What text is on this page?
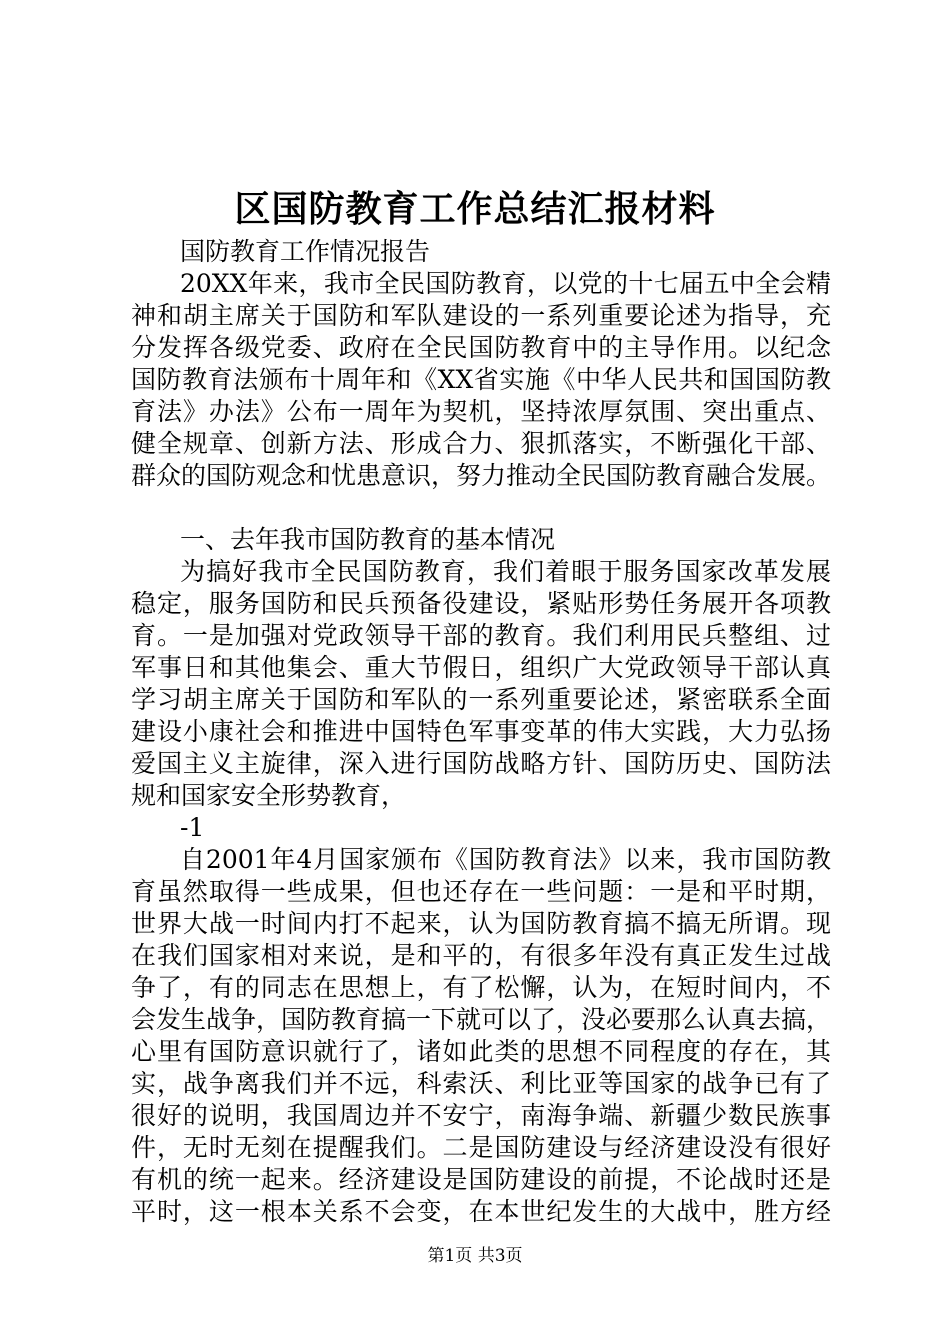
区国防教育工作总结汇报材料
国防教育工作情况报告
20XX年来，我市全民国防教育，以党的十七届五中全会精
神和胡主席关于国防和军队建设的一系列重要论述为指导，充
分发挥各级党委、政府在全民国防教育中的主导作用。以纪念
国防教育法颁布十周年和《XX省实施《中华人民共和国国防教
育法》办法》公布一周年为契机，坚持浓厚氛围、突出重点、
健全规章、创新方法、形成合力、狠抓落实，不断强化干部、
群众的国防观念和忧患意识，努力推动全民国防教育融合发展。
一、去年我市国防教育的基本情况
为搞好我市全民国防教育，我们着眼于服务国家改革发展
稳定，服务国防和民兵预备役建设，紧贴形势任务展开各项教
育。一是加强对党政领导干部的教育。我们利用民兵整组、过
军事日和其他集会、重大节假日，组织广大党政领导干部认真
学习胡主席关于国防和军队的一系列重要论述，紧密联系全面
建设小康社会和推进中国特色军事变革的伟大实践，大力弘扬
爱国主义主旋律，深入进行国防战略方针、国防历史、国防法
规和国家安全形势教育，
-1
自2001年4月国家颁布《国防教育法》以来，我市国防教
育虽然取得一些成果，但也还存在一些问题：一是和平时期，
世界大战一时间内打不起来，认为国防教育搞不搞无所谓。现
在我们国家相对来说，是和平的，有很多年没有真正发生过战
争了，有的同志在思想上，有了松懈，认为，在短时间内，不
会发生战争，国防教育搞一下就可以了，没必要那么认真去搞，
心里有国防意识就行了，诸如此类的思想不同程度的存在，其
实，战争离我们并不远，科索沃、利比亚等国家的战争已有了
很好的说明，我国周边并不安宁，南海争端、新疆少数民族事
件，无时无刻在提醒我们。二是国防建设与经济建设没有很好
有机的统一起来。经济建设是国防建设的前提，不论战时还是
平时，这一根本关系不会变，在本世纪发生的大战中，胜方经
第1页 共3页
